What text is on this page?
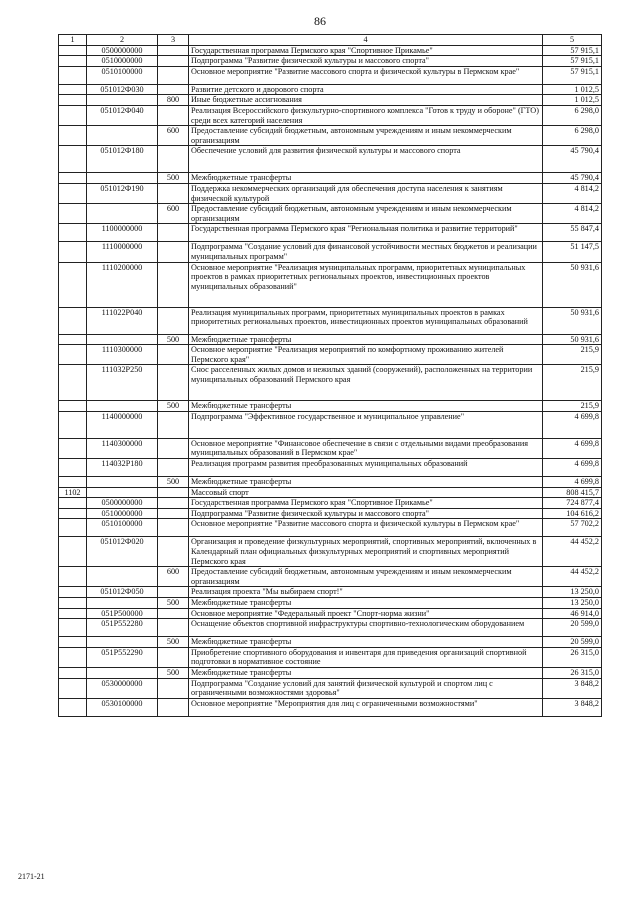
86
1	2	3	4	5
	0500000000		Государственная программа Пермского края "Спортивное Прикамье"	57 915,1
	0510000000		Подпрограмма "Развитие физической культуры и массового спорта"	57 915,1
	0510100000		Основное мероприятие "Развитие массового спорта и физической культуры в Пермском крае"	57 915,1
	051012Ф030		Развитие детского и дворового спорта	1 012,5
		800	Иные бюджетные ассигнования	1 012,5
	051012Ф040		Реализация Всероссийского физкультурно-спортивного комплекса "Готов к труду и обороне" (ГТО) среди всех категорий населения	6 298,0
		600	Предоставление субсидий бюджетным, автономным учреждениям и иным некоммерческим организациям	6 298,0
	051012Ф180		Обеспечение условий для развития физической культуры и массового спорта	45 790,4
		500	Межбюджетные трансферты	45 790,4
	051012Ф190		Поддержка некоммерческих организаций для обеспечения доступа населения к занятиям физической культурой	4 814,2
		600	Предоставление субсидий бюджетным, автономным учреждениям и иным некоммерческим организациям	4 814,2
	1100000000		Государственная программа Пермского края "Региональная политика и развитие территорий"	55 847,4
	1110000000		Подпрограмма "Создание условий для финансовой устойчивости местных бюджетов и реализации муниципальных программ"	51 147,5
	1110200000		Основное мероприятие "Реализация муниципальных программ, приоритетных муниципальных проектов в рамках приоритетных региональных проектов, инвестиционных проектов муниципальных образований"	50 931,6
	111022Р040		Реализация муниципальных программ, приоритетных муниципальных проектов в рамках приоритетных региональных проектов, инвестиционных проектов муниципальных образований	50 931,6
		500	Межбюджетные трансферты	50 931,6
	1110300000		Основное мероприятие "Реализация мероприятий по комфортному проживанию жителей Пермского края"	215,9
	111032Р250		Снос расселенных жилых домов и нежилых зданий (сооружений), расположенных на территории муниципальных образований Пермского края	215,9
		500	Межбюджетные трансферты	215,9
	1140000000		Подпрограмма "Эффективное государственное и муниципальное управление"	4 699,8
	1140300000		Основное мероприятие "Финансовое обеспечение в связи с отдельными видами преобразования муниципальных образований в Пермском крае"	4 699,8
	114032Р180		Реализация программ развития преобразованных муниципальных образований	4 699,8
		500	Межбюджетные трансферты	4 699,8
1102			Массовый спорт	808 415,7
	0500000000		Государственная программа Пермского края "Спортивное Прикамье"	724 877,4
	0510000000		Подпрограмма "Развитие физической культуры и массового спорта"	104 616,2
	0510100000		Основное мероприятие "Развитие массового спорта и физической культуры в Пермском крае"	57 702,2
	051012Ф020		Организация и проведение физкультурных мероприятий, спортивных мероприятий, включенных в Календарный план официальных физкультурных мероприятий и спортивных мероприятий Пермского края	44 452,2
		600	Предоставление субсидий бюджетным, автономным учреждениям и иным некоммерческим организациям	44 452,2
	051012Ф050		Реализация проекта "Мы выбираем спорт!"	13 250,0
		500	Межбюджетные трансферты	13 250,0
	051Р500000		Основное мероприятие "Федеральный проект "Спорт-норма жизни"	46 914,0
	051Р552280		Оснащение объектов спортивной инфраструктуры спортивно-технологическим оборудованием	20 599,0
		500	Межбюджетные трансферты	20 599,0
	051Р552290		Приобретение спортивного оборудования и инвентаря для приведения организаций спортивной подготовки в нормативное состояние	26 315,0
		500	Межбюджетные трансферты	26 315,0
	0530000000		Подпрограмма "Создание условий для занятий физической культурой и спортом лиц с ограниченными возможностями здоровья"	3 848,2
	0530100000		Основное мероприятие "Мероприятия для лиц с ограниченными возможностями"	3 848,2
2171-21
